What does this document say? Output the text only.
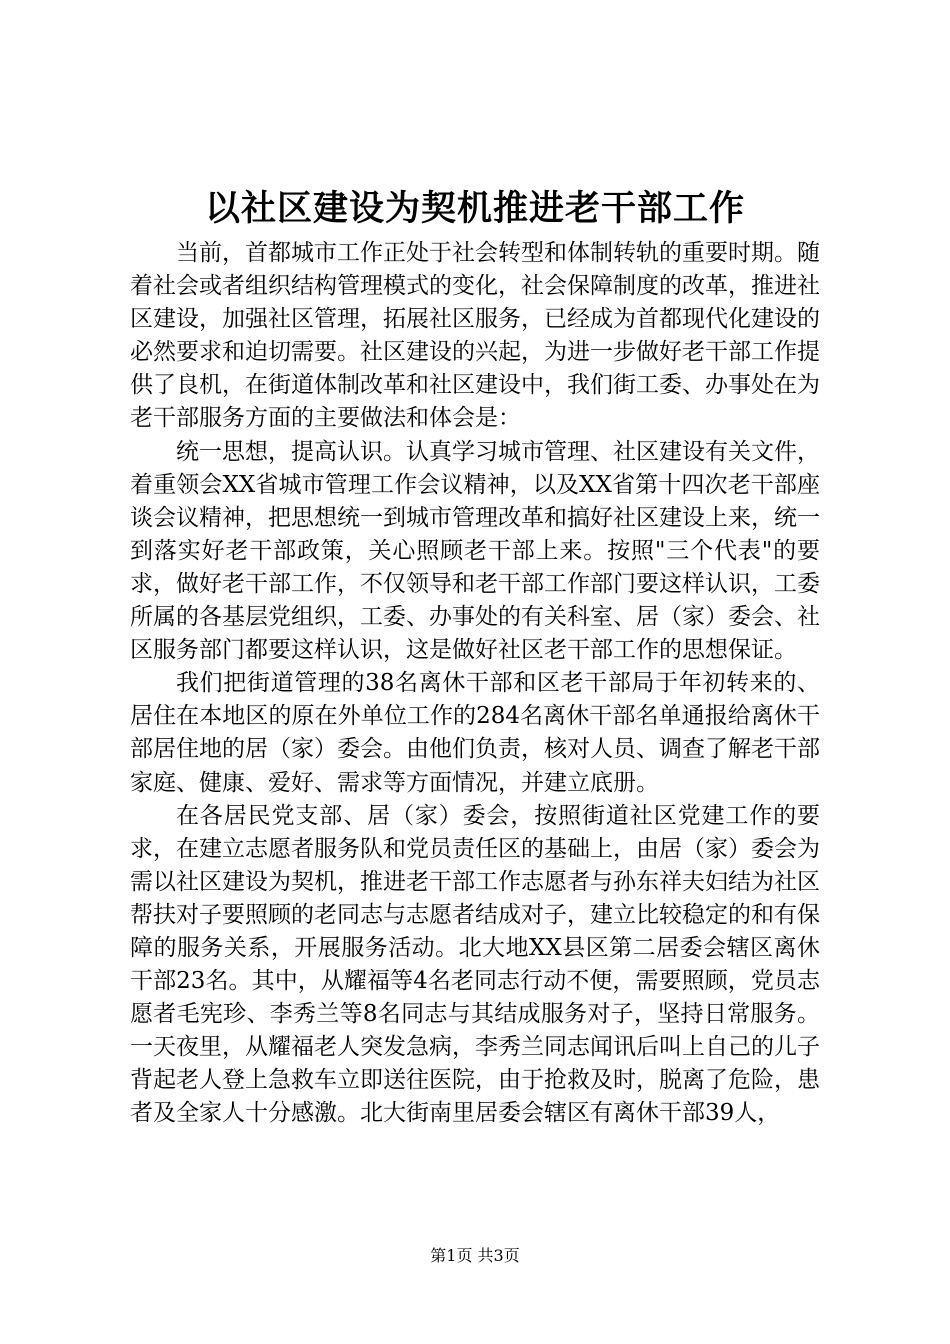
以社区建设为契机推进老干部工作

当前，首都城市工作正处于社会转型和体制转轨的重要时期。随着社会或者组织结构管理模式的变化，社会保障制度的改革，推进社区建设，加强社区管理，拓展社区服务，已经成为首都现代化建设的必然要求和迫切需要。社区建设的兴起，为进一步做好老干部工作提供了良机，在街道体制改革和社区建设中，我们街工委、办事处在为老干部服务方面的主要做法和体会是：

统一思想，提高认识。认真学习城市管理、社区建设有关文件，着重领会XX省城市管理工作会议精神，以及XX省第十四次老干部座谈会议精神，把思想统一到城市管理改革和搞好社区建设上来，统一到落实好老干部政策，关心照顾老干部上来。按照"三个代表"的要求，做好老干部工作，不仅领导和老干部工作部门要这样认识，工委所属的各基层党组织，工委、办事处的有关科室、居（家）委会、社区服务部门都要这样认识，这是做好社区老干部工作的思想保证。

我们把街道管理的38名离休干部和区老干部局于年初转来的、居住在本地区的原在外单位工作的284名离休干部名单通报给离休干部居住地的居（家）委会。由他们负责，核对人员、调查了解老干部家庭、健康、爱好、需求等方面情况，并建立底册。

在各居民党支部、居（家）委会，按照街道社区党建工作的要求，在建立志愿者服务队和党员责任区的基础上，由居（家）委会为需以社区建设为契机，推进老干部工作志愿者与孙东祥夫妇结为社区帮扶对子要照顾的老同志与志愿者结成对子，建立比较稳定的和有保障的服务关系，开展服务活动。北大地XX县区第二居委会辖区离休干部23名。其中，从耀福等4名老同志行动不便，需要照顾，党员志愿者毛宪珍、李秀兰等8名同志与其结成服务对子，坚持日常服务。一天夜里，从耀福老人突发急病，李秀兰同志闻讯后叫上自己的儿子背起老人登上急救车立即送往医院，由于抢救及时，脱离了危险，患者及全家人十分感激。北大街南里居委会辖区有离休干部39人，

第1页 共3页
